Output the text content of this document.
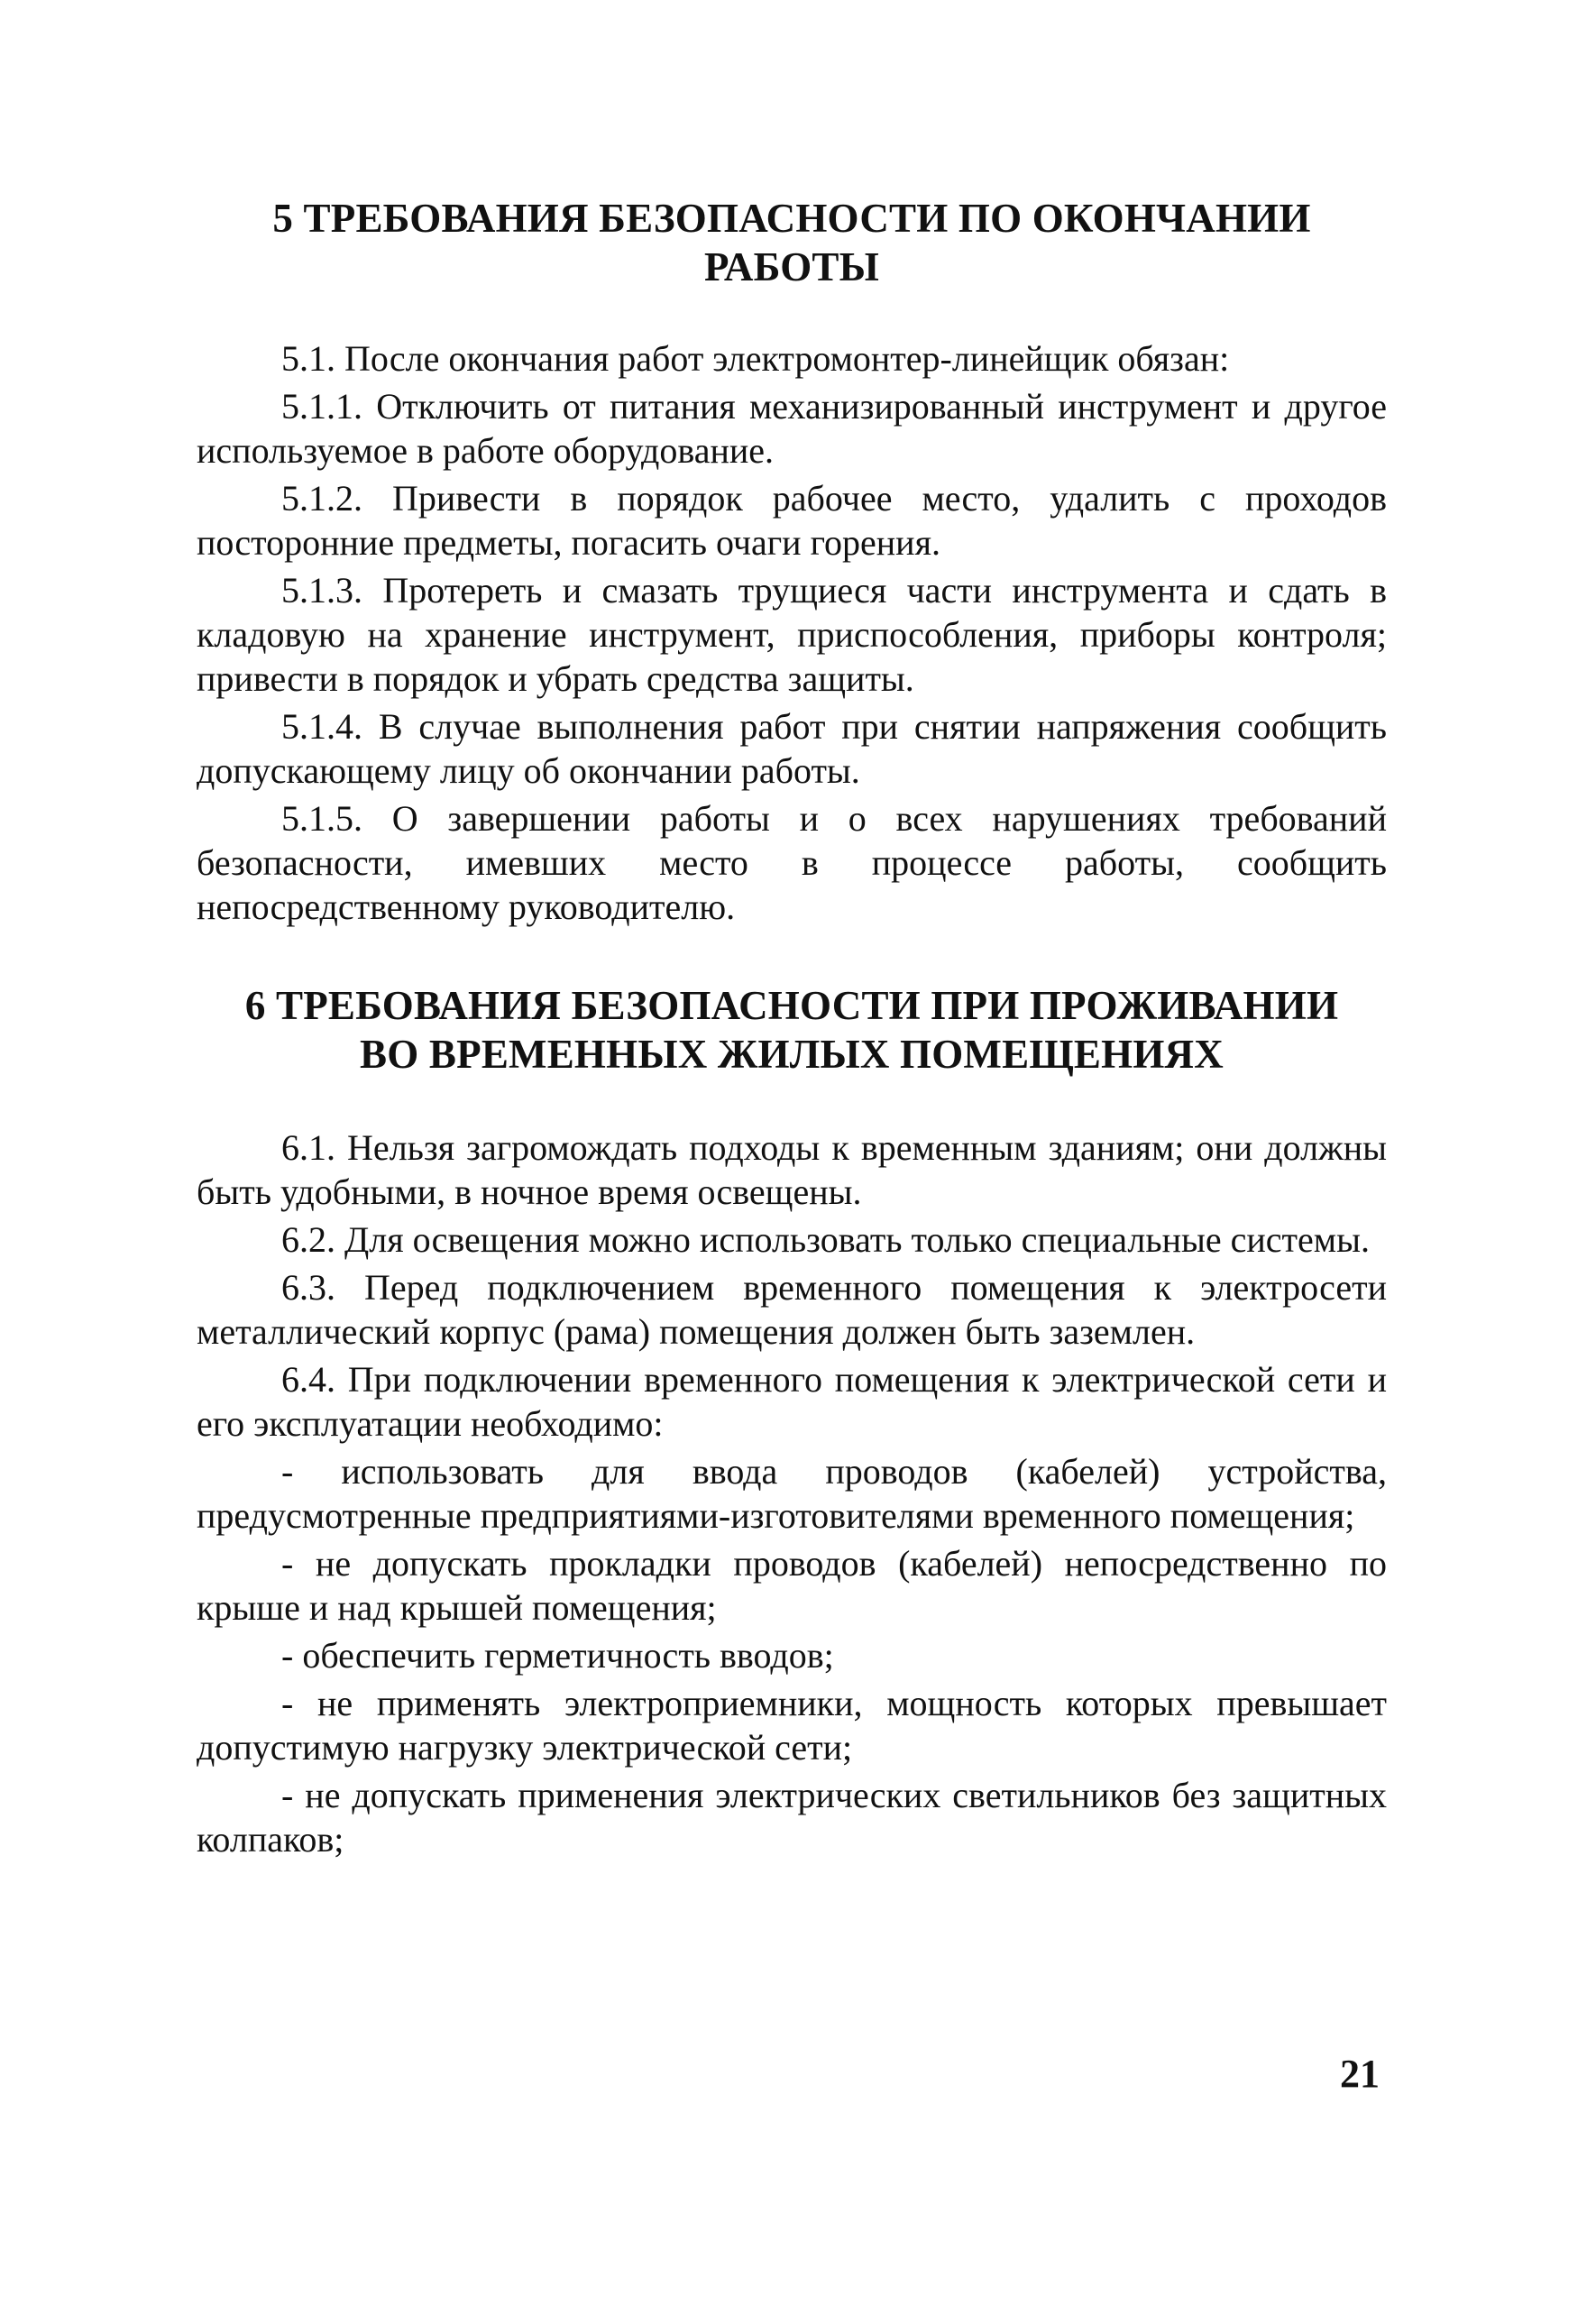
5 ТРЕБОВАНИЯ БЕЗОПАСНОСТИ ПО ОКОНЧАНИИ
РАБОТЫ

5.1. После окончания работ электромонтер-линейщик обязан:

5.1.1. Отключить от питания механизированный инструмент и другое используемое в работе оборудование.

5.1.2. Привести в порядок рабочее место, удалить с проходов посторонние предметы, погасить очаги горения.

5.1.3. Протереть и смазать трущиеся части инструмента и сдать в кладовую на хранение инструмент, приспособления, приборы контроля; привести в порядок и убрать средства защиты.

5.1.4. В случае выполнения работ при снятии напряжения сообщить допускающему лицу об окончании работы.

5.1.5. О завершении работы и о всех нарушениях требований безопасности, имевших место в процессе работы, сообщить непосредственному руководителю.

6 ТРЕБОВАНИЯ БЕЗОПАСНОСТИ ПРИ ПРОЖИВАНИИ
ВО ВРЕМЕННЫХ ЖИЛЫХ ПОМЕЩЕНИЯХ

6.1. Нельзя загромождать подходы к временным зданиям; они должны быть удобными, в ночное время освещены.

6.2. Для освещения можно использовать только специальные системы.

6.3. Перед подключением временного помещения к электросети металлический корпус (рама) помещения должен быть заземлен.

6.4. При подключении временного помещения к электрической сети и его эксплуатации необходимо:

- использовать для ввода проводов (кабелей) устройства, предусмотренные предприятиями-изготовителями временного помещения;

- не допускать прокладки проводов (кабелей) непосредственно по крыше и над крышей помещения;

- обеспечить герметичность вводов;

- не применять электроприемники, мощность которых превышает допустимую нагрузку электрической сети;

- не допускать применения электрических светильников без защитных колпаков;

21
